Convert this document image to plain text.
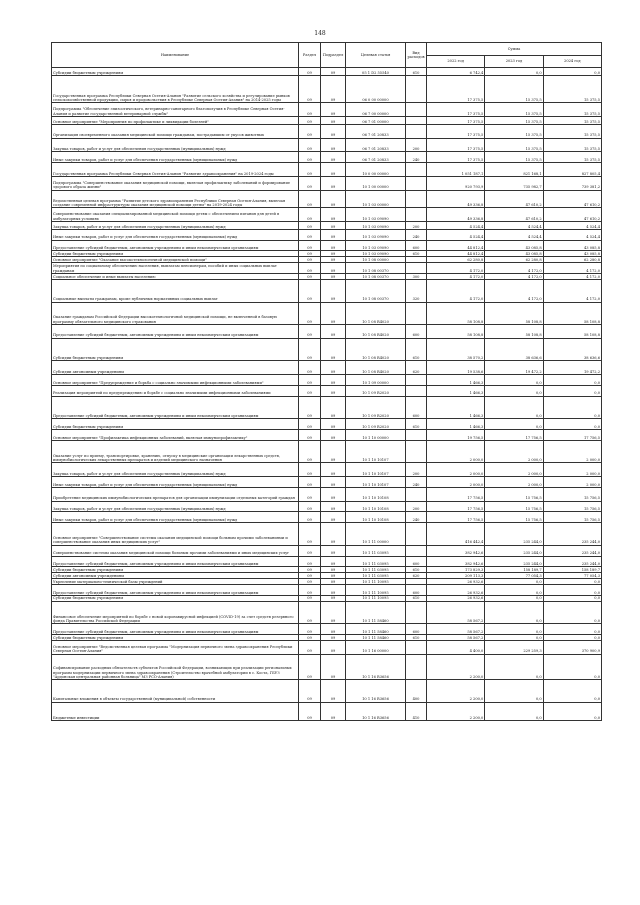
148
Наименование	Раздел	Подраздел	Целевая статья	Вид расходов	Сумма		
					2022 год	2023 год	2024 год
Субсидии бюджетным учреждениям	09	09	05 1 D2 55540	610	6 742,4	0,0	0,0
Государственная программа Республики Северная Осетия-Алания "Развитие сельского хозяйства и регулирование рынков сельскохозяйственной продукции, сырья и продовольствия в Республике Северная Осетия-Алания" на 2014-2025 годы	09	09	06 0 00 00000		17 375,5	15 375,5	15 375,5
Подпрограмма "Обеспечение эпизоотического, ветеринарно-санитарного благополучия в Республике Северная Осетия-Алания и развитие государственной ветеринарной службы"	09	09	06 7 00 00000		17 375,5	15 375,5	15 375,5
Основное мероприятие "Мероприятия по профилактике и ликвидации болезней"	09	09	06 7 01 00000		17 375,5	15 375,5	15 375,5
Организация своевременного оказания медицинской помощи гражданам, пострадавшим от укусов животных	09	09	06 7 01 20833		17 375,5	15 375,5	15 375,5
Закупка товаров, работ и услуг для обеспечения государственных (муниципальных) нужд	09	09	06 7 01 20833	200	17 375,5	15 375,5	15 375,5
Иные закупки товаров, работ и услуг для обеспечения государственных (муниципальных) нужд	09	09	06 7 01 20833	240	17 375,5	15 375,5	15 375,5
Государственная программа Республики Северная Осетия-Алания "Развитие здравоохранения" на 2019-2024 годы	09	09	10 0 00 00000		1 051 187,1	821 168,1	827 805,4
Подпрограмма "Совершенствование оказания медицинской помощи, включая профилактику заболеваний и формирование здорового образа жизни"	09	09	10 1 00 00000		920 793,9	735 982,7	739 381,2
Ведомственная целевая программа "Развитие детского здравоохранения Республики Северная Осетия-Алания, включая создание современной инфраструктуры оказания медицинской помощи детям" на 2019-2024 годы	09	09	10 1 03 00000		49 336,8	47 610,2	47 610,2
Совершенствование оказания специализированной медицинской помощи детям с обеспечением питания для детей в амбулаторных условиях	09	09	10 1 03 09090		49 336,8	47 610,2	47 610,2
Закупка товаров, работ и услуг для обеспечения государственных (муниципальных) нужд	09	09	10 1 03 09090	200	4 524,4	4 524,4	4 524,4
Иные закупки товаров, работ и услуг для обеспечения государственных (муниципальных) нужд	09	09	10 1 03 09090	240	4 524,4	4 524,4	4 524,4
Предоставление субсидий бюджетным, автономным учреждениям и иным некоммерческим организациям	09	09	10 1 03 09090	600	44 812,4	43 085,8	43 085,8
Субсидии бюджетным учреждениям	09	09	10 1 03 09090	610	44 812,4	43 085,8	43 085,8
Основное мероприятие "Оказание высокотехнологичной медицинской помощи"	09	09	10 1 08 00000		62 280,8	62 280,8	62 280,8
Мероприятия по социальному обеспечению населения, выплатам пенсионерам, пособий и иных социальных выплат гражданам	09	09	10 1 08 00370		4 172,0	4 172,0	4 172,0
Социальное обеспечение и иные выплаты населению	09	09	10 1 08 00370	300	4 172,0	4 172,0	4 172,0
Социальные выплаты гражданам, кроме публичных нормативных социальных выплат	09	09	10 1 08 00370	320	4 172,0	4 172,0	4 172,0
Оказание гражданам Российской Федерации высокотехнологичной медицинской помощи, не включенной в базовую программу обязательного медицинского страхования	09	09	10 1 08 R4020		58 108,8	58 108,8	58 108,8
Предоставление субсидий бюджетным, автономным учреждениям и иным некоммерческим организациям	09	09	10 1 08 R4020	600	58 108,8	58 108,8	58 108,8
Субсидии бюджетным учреждениям	09	09	10 1 08 R4020	610	38 570,2	38 636,6	38 636,6
Субсидии автономным учреждениям	09	09	10 1 08 R4020	620	19 538,6	19 472,2	19 472,2
Основное мероприятие "Предупреждение и борьба с социально значимыми инфекционными заболеваниями"	09	09	10 1 09 00000		1 466,3	0,0	0,0
Реализация мероприятий по предупреждению и борьбе с социально значимыми инфекционными заболеваниями	09	09	10 1 09 R2020		1 466,3	0,0	0,0
Предоставление субсидий бюджетным, автономным учреждениям и иным некоммерческим организациям	09	09	10 1 09 R2020	600	1 466,3	0,0	0,0
Субсидии бюджетным учреждениям	09	09	10 1 09 R2020	610	1 466,3	0,0	0,0
Основное мероприятие "Профилактика инфекционных заболеваний, включая иммунопрофилактику"	09	09	10 1 10 00000		19 756,5	17 756,5	17 756,5
Оказание услуг по приему, транспортировке, хранению, отпуску в медицинские организации лекарственных средств, иммунобиологических лекарственных препаратов и изделий медицинского назначения	09	09	10 1 10 10107		2 000,0	2 000,0	2 000,0
Закупка товаров, работ и услуг для обеспечения государственных (муниципальных) нужд	09	09	10 1 10 10107	200	2 000,0	2 000,0	2 000,0
Иные закупки товаров, работ и услуг для обеспечения государственных (муниципальных) нужд	09	09	10 1 10 10107	240	2 000,0	2 000,0	2 000,0
Приобретение медицинских иммунобиологических препаратов для организации иммунизации отдельных категорий граждан	09	09	10 1 10 10108		17 756,5	15 756,5	15 756,5
Закупка товаров, работ и услуг для обеспечения государственных (муниципальных) нужд	09	09	10 1 10 10108	200	17 756,5	15 756,5	15 756,5
Иные закупки товаров, работ и услуг для обеспечения государственных (муниципальных) нужд	09	09	10 1 10 10108	240	17 756,5	15 756,5	15 756,5
Основное мероприятие "Совершенствование системы оказания медицинской помощи больным прочими заболеваниями и совершенствование оказания иных медицинских услуг"	09	09	10 1 11 00000		416 442,4	235 244,0	235 244,0
Совершенствование системы оказания медицинской помощи больным прочими заболеваниями и иных медицинских услуг	09	09	10 1 11 03095		382 942,6	235 244,0	235 244,0
Предоставление субсидий бюджетным, автономным учреждениям и иным некоммерческим организациям	09	09	10 1 11 03095	600	382 942,6	235 244,0	235 244,0
Субсидии бюджетным учреждениям	09	09	10 1 11 03095	610	173 829,3	158 189,7	158 189,7
Субсидии автономным учреждениям	09	09	10 1 11 03095	620	209 113,3	77 054,3	77 054,3
Укрепление материально-технической базы учреждений	09	09	10 1 11 10095		26 932,6	0,0	0,0
Предоставление субсидий бюджетным, автономным учреждениям и иным некоммерческим организациям	09	09	10 1 11 10095	600	26 932,6	0,0	0,0
Субсидии бюджетным учреждениям	09	09	10 1 11 10095	610	26 932,6	0,0	0,0
Финансовое обеспечение мероприятий по борьбе с новой коронавирусной инфекцией (COVID-19) за счет средств резервного фонда Правительства Российской Федерации	09	09	10 1 11 58460		58 567,2	0,0	0,0
Предоставление субсидий бюджетным, автономным учреждениям и иным некоммерческим организациям	09	09	10 1 11 58460	600	58 567,2	0,0	0,0
Субсидии бюджетным учреждениям	09	09	10 1 11 58460	610	58 567,2	0,0	0,0
Основное мероприятие "Ведомственная целевая программа "Модернизация первичного звена здравоохранения Республики Северная Осетия-Алания"	09	09	10 1 16 00000		4 400,0	229 259,3	370 900,9
Софинансирование расходных обязательств субъектов Российской Федерации, возникающих при реализации региональных программ модернизации первичного звена здравоохранения (Строительство врачебной амбулатории в с. Коста, ГБУЗ "Ардонская центральная районная больница" МЗ РСО-Алания)	09	09	10 1 16 R3656		2 200,0	0,0	0,0
Капитальные вложения в объекты государственной (муниципальной) собственности	09	09	10 1 16 R3656	400	2 200,0	0,0	0,0
Бюджетные инвестиции	09	09	10 1 16 R3656	410	2 200,0	0,0	0,0
